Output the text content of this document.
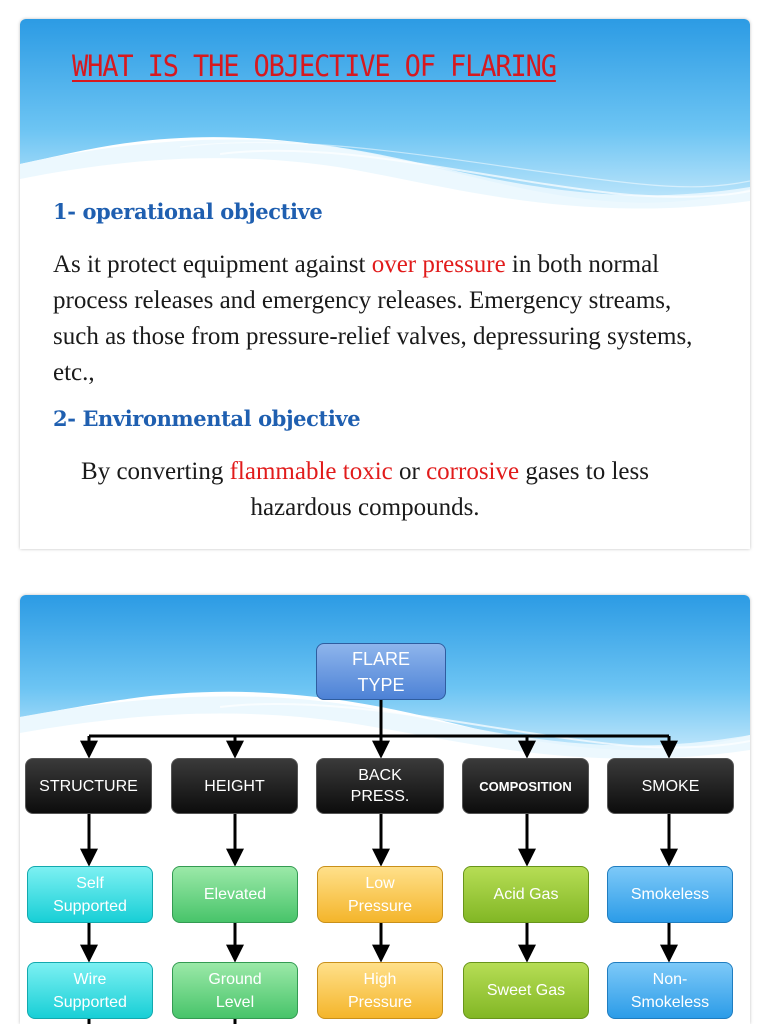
WHAT IS THE OBJECTIVE OF FLARING
1- operational objective
As it protect equipment against over pressure in both normal process releases and emergency releases. Emergency streams, such as those from pressure-relief valves, depressuring systems, etc.,
2- Environmental objective
By converting flammable toxic or corrosive gases to less hazardous compounds.
FLARE
TYPE
STRUCTURE	HEIGHT
BACK PRESS.
COMPOSITION	SMOKE
Self Supported
Elevated
Low Pressure
Acid Gas	Smokeless
Wire Supported
Ground Level
High Pressure
Sweet Gas
Non-Smokeless
